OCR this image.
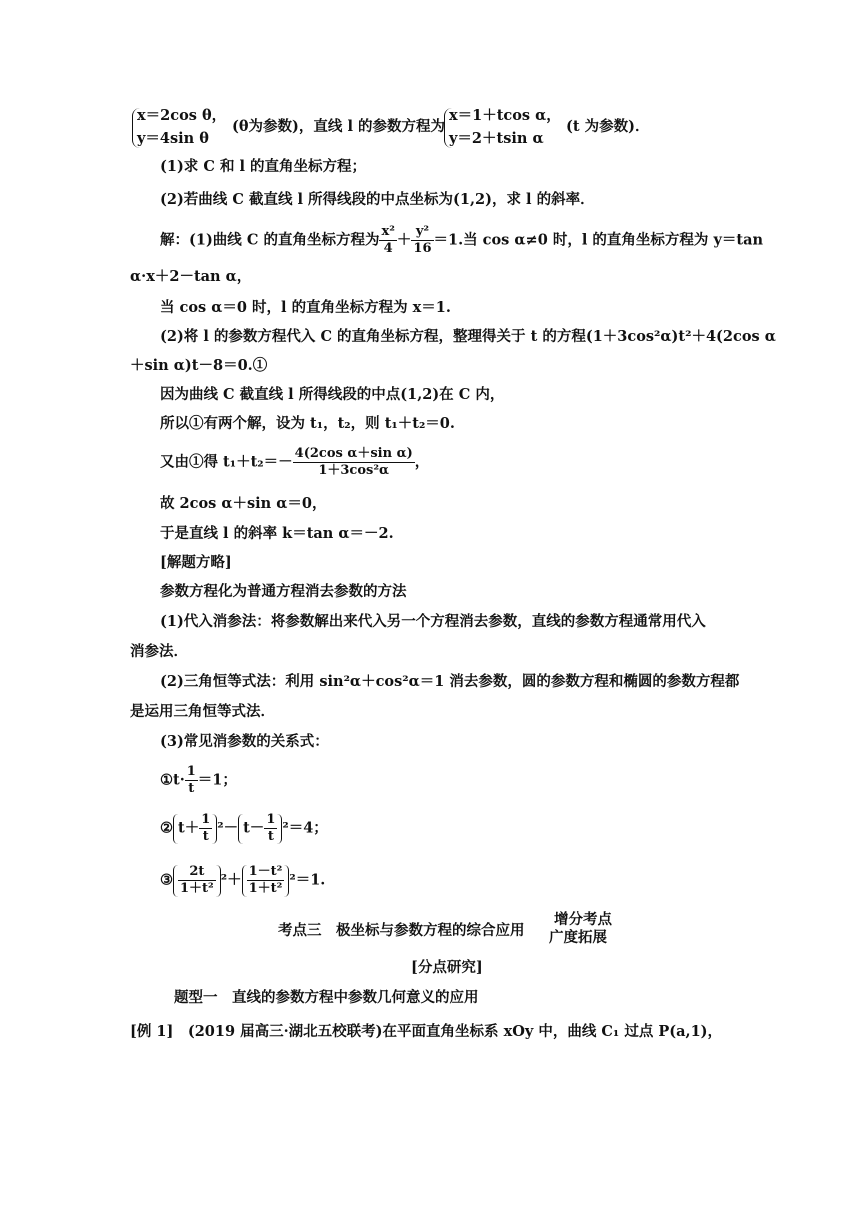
x＝2cos θ，
y＝4sin θ
(θ为参数)，直线 l 的参数方程为
x＝1＋tcos α，
y＝2＋tsin α
(t 为参数)．
(1)求 C 和 l 的直角坐标方程；
(2)若曲线 C 截直线 l 所得线段的中点坐标为(1,2)，求 l 的斜率．
解：(1)曲线 C 的直角坐标方程为 $\frac{\text{x²}}{4} + \frac{\text{y²}}{16} =1$.当 cos α≠0 时，l 的直角坐标方程为 y＝tan
α·x＋2－tan α，
当 cos α＝0 时，l 的直角坐标方程为 x＝1.
(2)将 l 的参数方程代入 C 的直角坐标方程，整理得关于 t 的方程(1＋3cos²α)t²＋4(2cos α
＋sin α)t－8＝0.①
因为曲线 C 截直线 l 所得线段的中点(1,2)在 C 内，
所以①有两个解，设为 t₁，t₂，则 t₁＋t₂＝0.
又由①得 $t_1+t_2=- \frac{\text{4(2cos α＋sin α)}}{\text{1＋3cos²α}}$ ，
故 2cos α＋sin α＝0，
于是直线 l 的斜率 k＝tan α＝－2.
[解题方略]
参数方程化为普通方程消去参数的方法
(1)代入消参法：将参数解出来代入另一个方程消去参数，直线的参数方程通常用代入
消参法．
(2)三角恒等式法：利用 sin²α＋cos²α＝1 消去参数，圆的参数方程和椭圆的参数方程都
是运用三角恒等式法．
(3)常见消参数的关系式：
①t· $\frac{1}{t} =1$；
② $t+ \frac{1}{t} ^2- t- \frac{1}{t} ^2=4$；
③ $\frac{2t}{\text{1＋t²}} ^2+ \frac{\text{1－t²}}{\text{1＋t²}} ^2=1$.
考点三　极坐标与参数方程的综合应用
增分考点
广度拓展
[分点研究]
题型一　直线的参数方程中参数几何意义的应用
[例 1]　(2019 届高三·湖北五校联考)在平面直角坐标系 xOy 中，曲线 C₁ 过点 P(a,1)，
